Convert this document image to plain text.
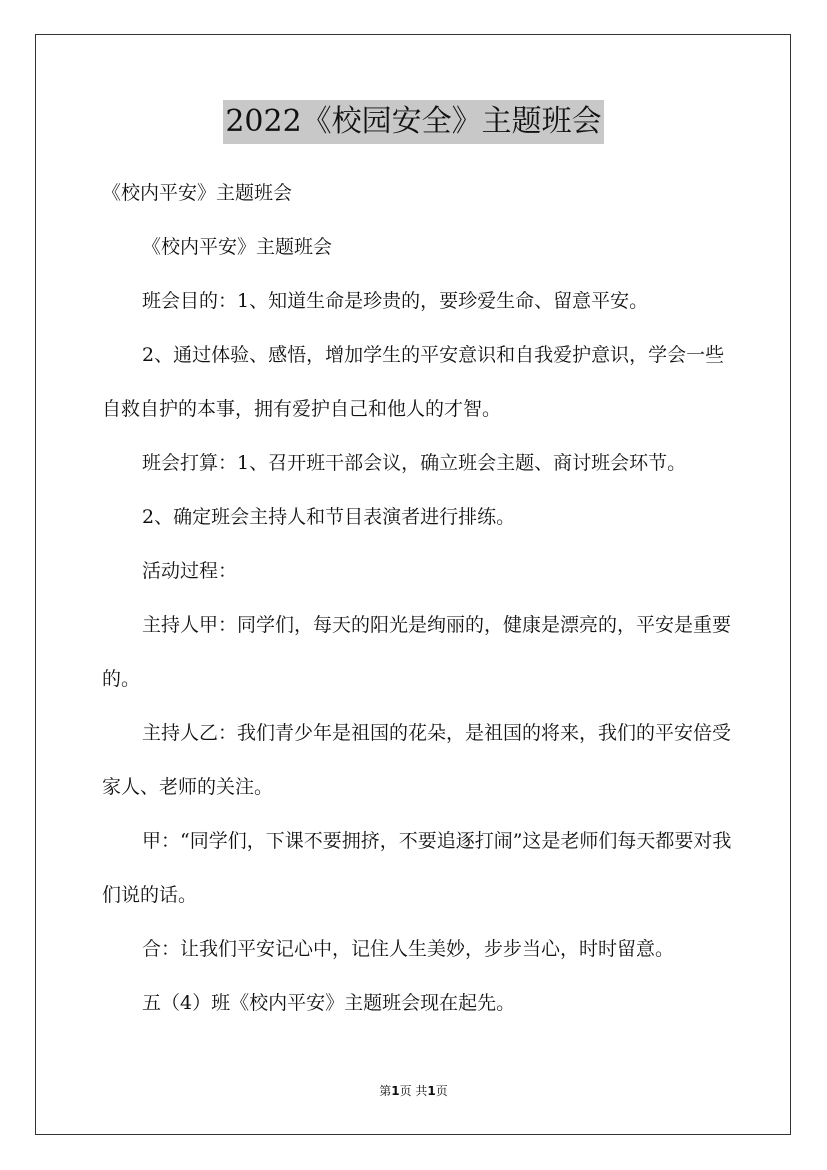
2022《校园安全》主题班会

《校内平安》主题班会

《校内平安》主题班会

班会目的：1、知道生命是珍贵的，要珍爱生命、留意平安。

2、通过体验、感悟，增加学生的平安意识和自我爱护意识，学会一些自救自护的本事，拥有爱护自己和他人的才智。

班会打算：1、召开班干部会议，确立班会主题、商讨班会环节。

2、确定班会主持人和节目表演者进行排练。

活动过程：

主持人甲：同学们，每天的阳光是绚丽的，健康是漂亮的，平安是重要的。

主持人乙：我们青少年是祖国的花朵，是祖国的将来，我们的平安倍受家人、老师的关注。

甲：“同学们，下课不要拥挤，不要追逐打闹”这是老师们每天都要对我们说的话。

合：让我们平安记心中，记住人生美妙，步步当心，时时留意。

五（4）班《校内平安》主题班会现在起先。

第1页 共1页
